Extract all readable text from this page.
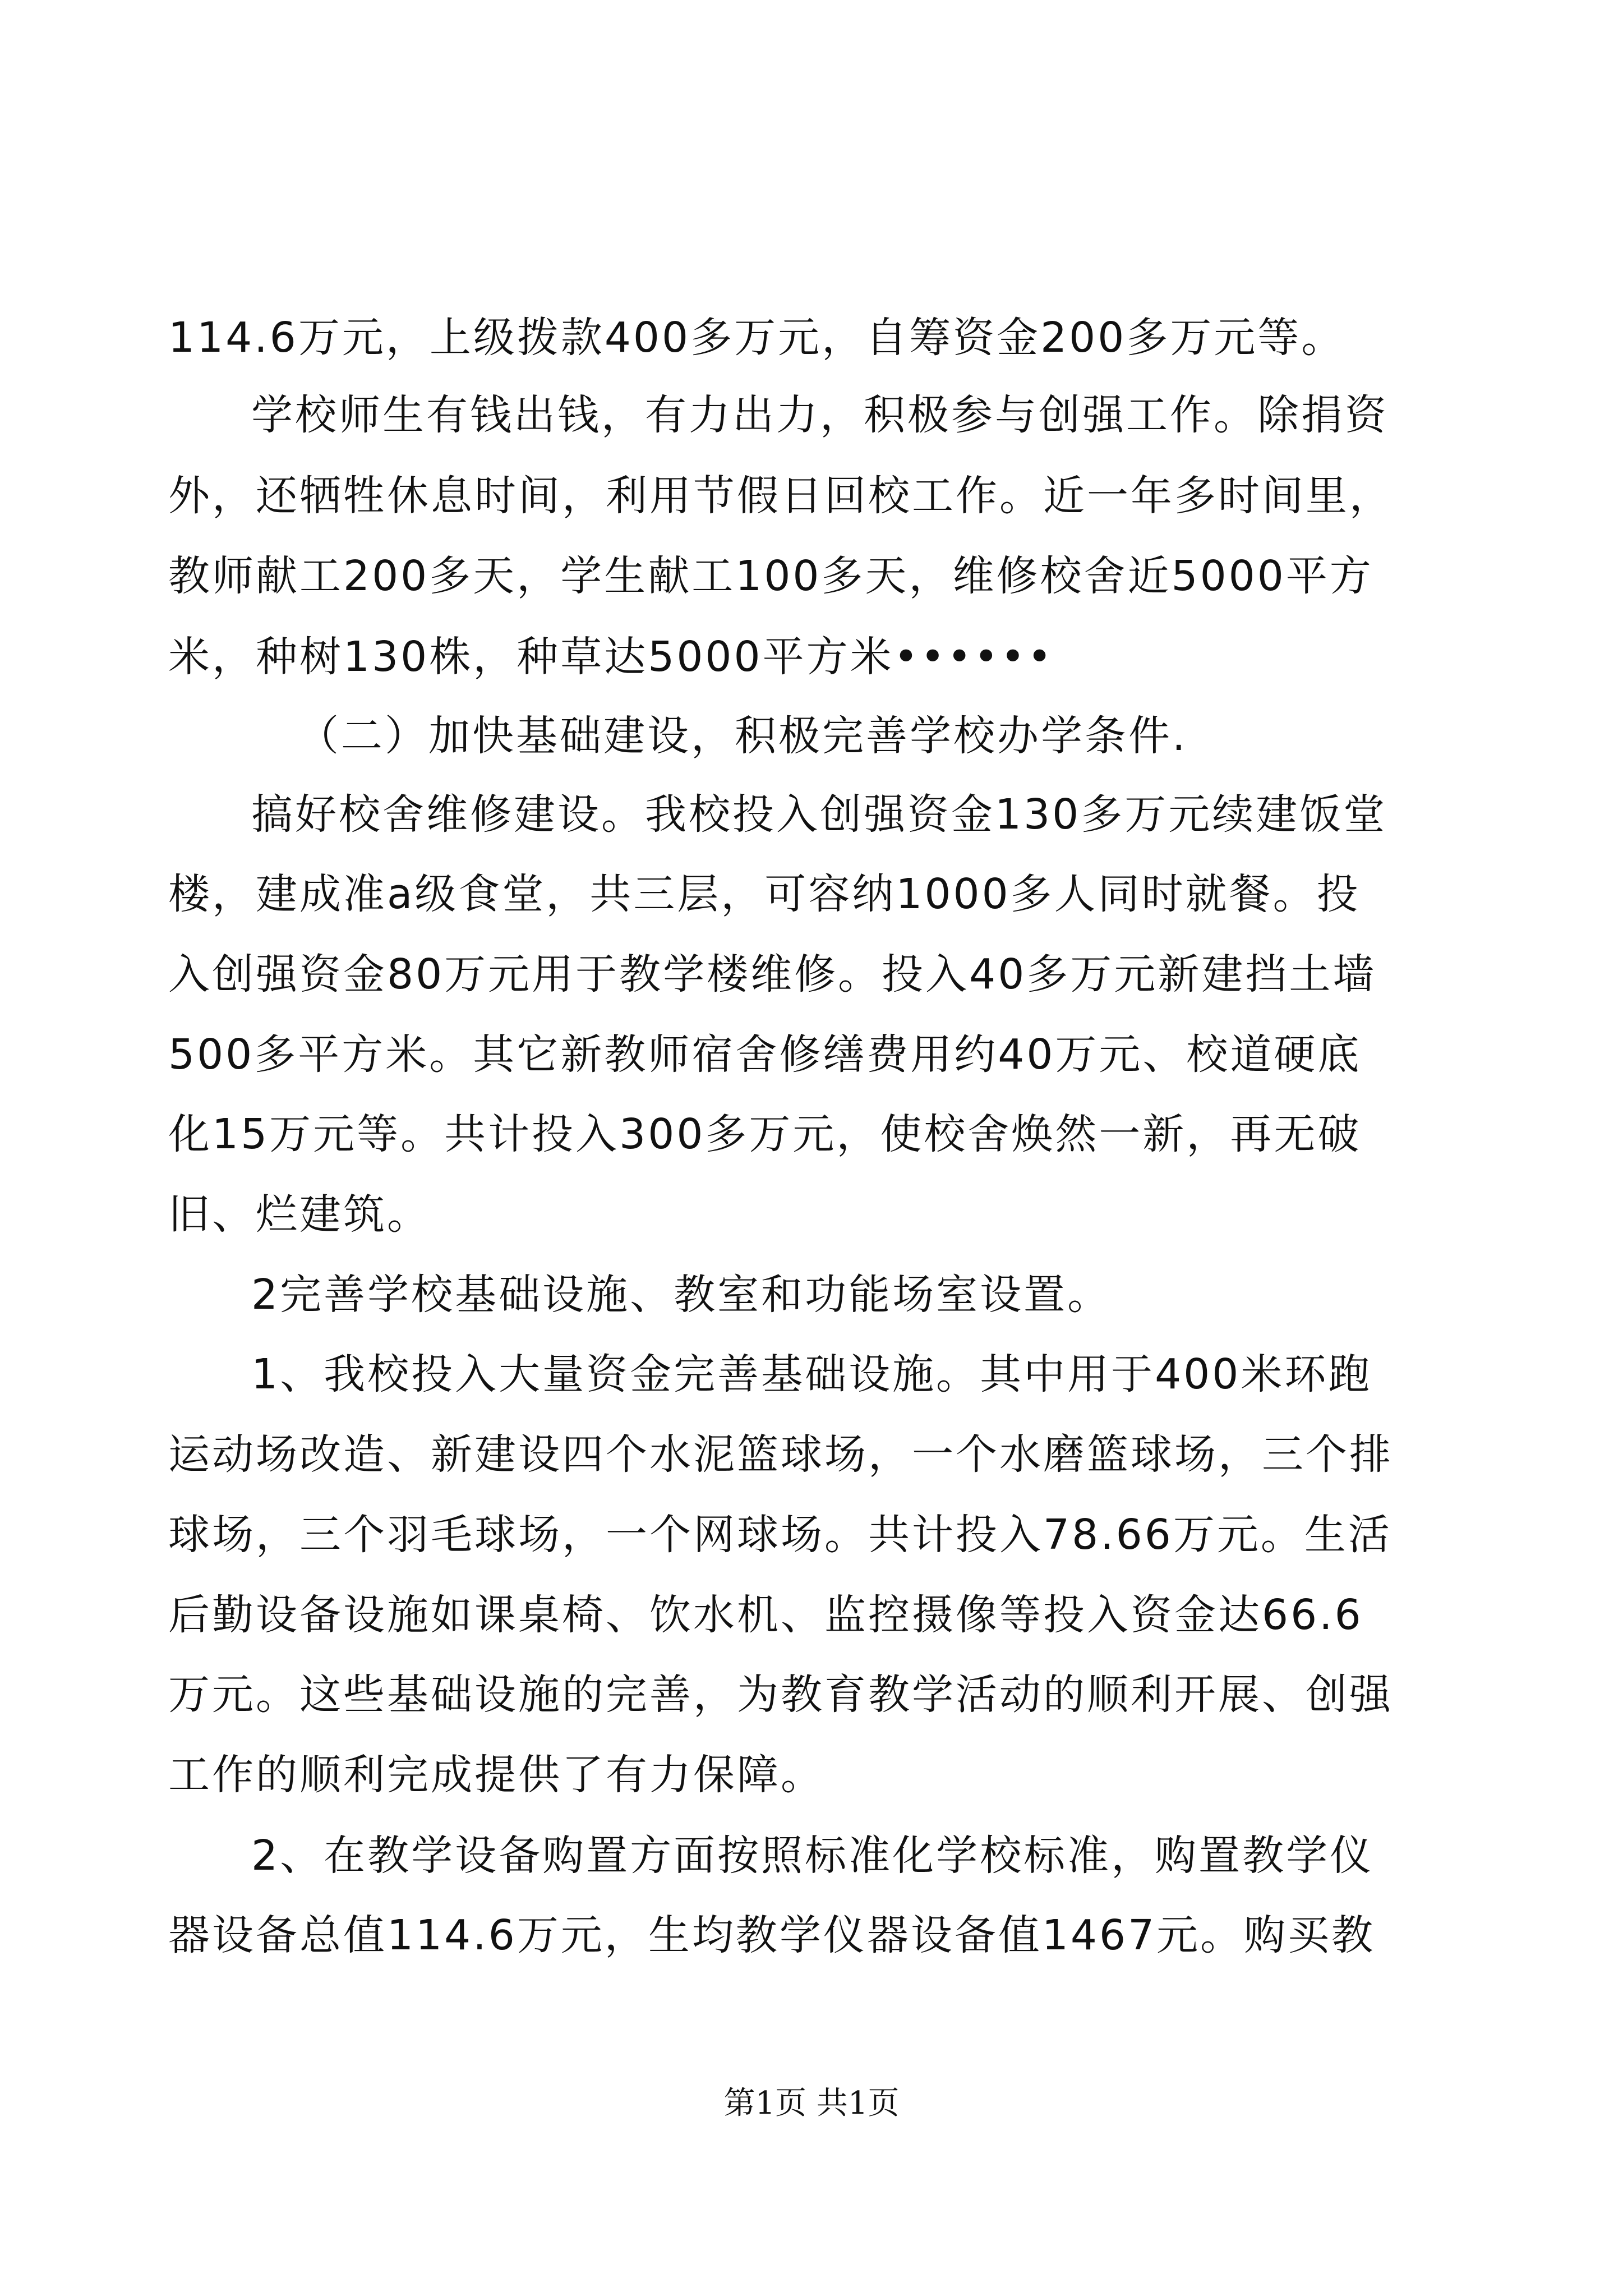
114.6万元，上级拨款400多万元，自筹资金200多万元等。
学校师生有钱出钱，有力出力，积极参与创强工作。除捐资
外，还牺牲休息时间，利用节假日回校工作。近一年多时间里，
教师献工200多天，学生献工100多天，维修校舍近5000平方
米，种树130株，种草达5000平方米••••••
（二）加快基础建设，积极完善学校办学条件.
搞好校舍维修建设。我校投入创强资金130多万元续建饭堂
楼，建成准a级食堂，共三层，可容纳1000多人同时就餐。投
入创强资金80万元用于教学楼维修。投入40多万元新建挡土墙
500多平方米。其它新教师宿舍修缮费用约40万元、校道硬底
化15万元等。共计投入300多万元，使校舍焕然一新，再无破
旧、烂建筑。
2完善学校基础设施、教室和功能场室设置。
1、我校投入大量资金完善基础设施。其中用于400米环跑
运动场改造、新建设四个水泥篮球场，一个水磨篮球场，三个排
球场，三个羽毛球场，一个网球场。共计投入78.66万元。生活
后勤设备设施如课桌椅、饮水机、监控摄像等投入资金达66.6
万元。这些基础设施的完善，为教育教学活动的顺利开展、创强
工作的顺利完成提供了有力保障。
2、在教学设备购置方面按照标准化学校标准，购置教学仪
器设备总值114.6万元，生均教学仪器设备值1467元。购买教
第1页 共1页
